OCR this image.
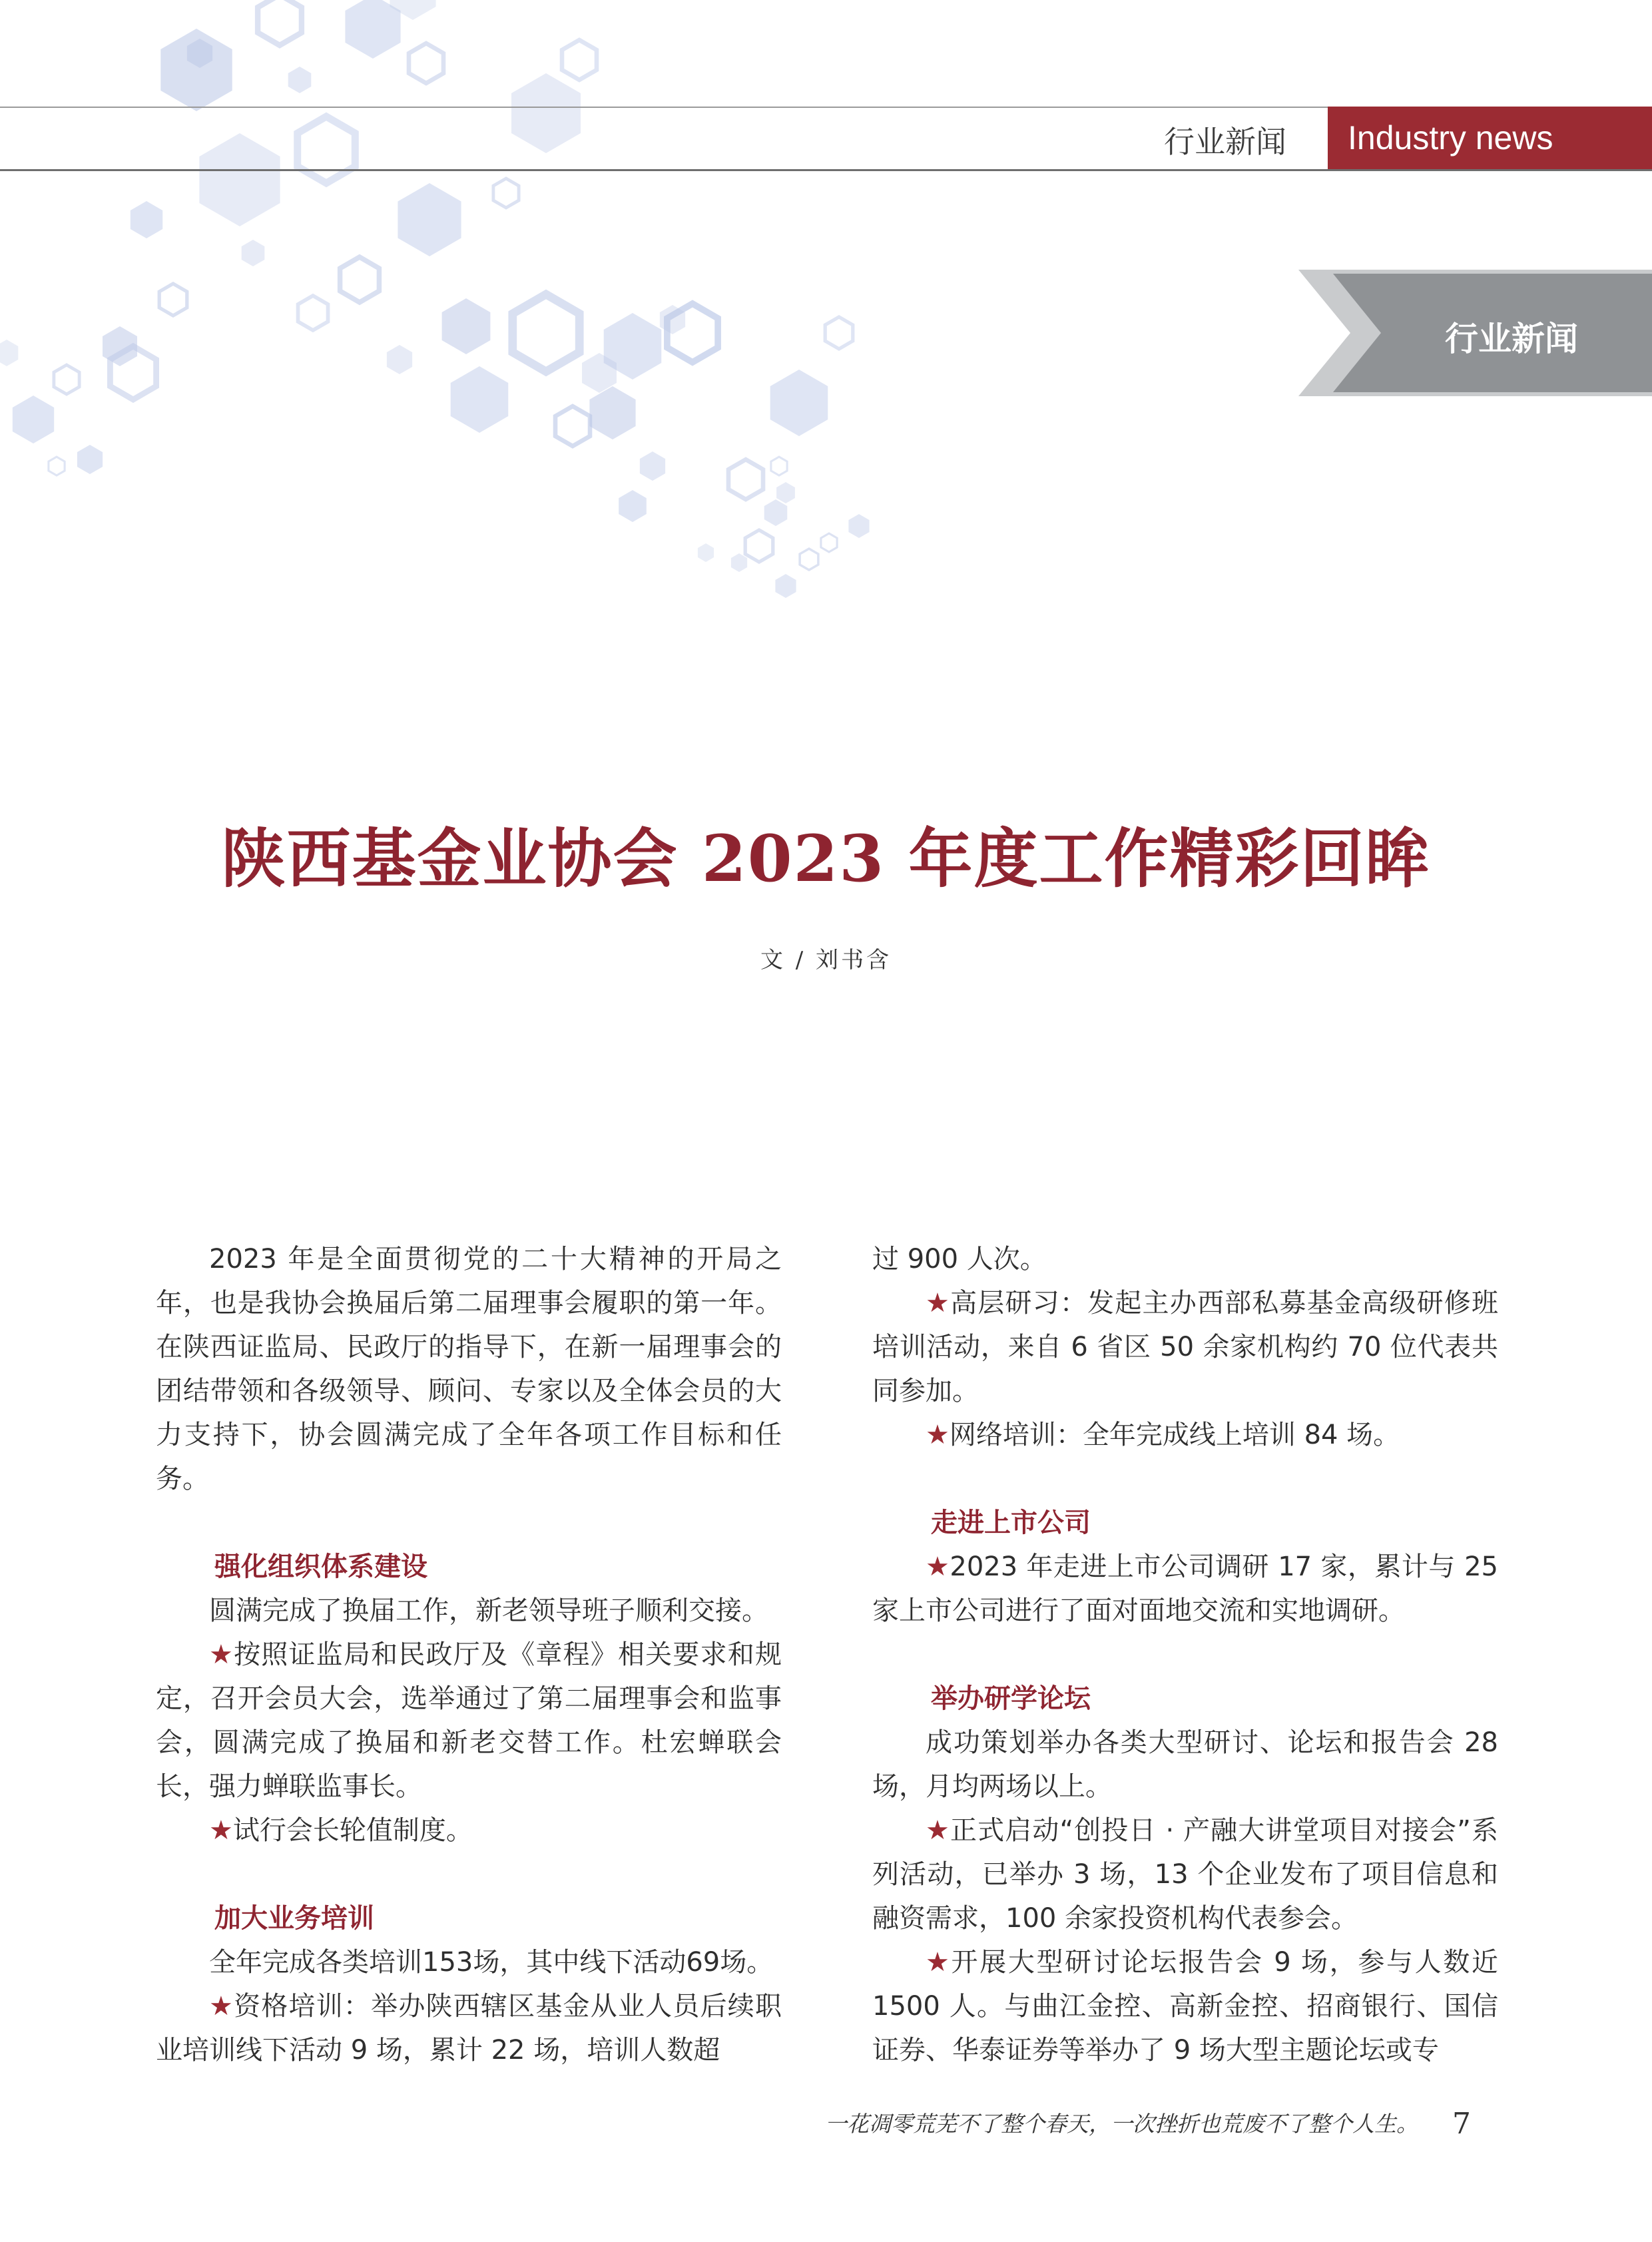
行业新闻	Industry news
行业新闻
陕西基金业协会 2023 年度工作精彩回眸
文 / 刘书含

2023 年是全面贯彻党的二十大精神的开局之年，也是我协会换届后第二届理事会履职的第一年。在陕西证监局、民政厅的指导下，在新一届理事会的团结带领和各级领导、顾问、专家以及全体会员的大力支持下，协会圆满完成了全年各项工作目标和任务。

强化组织体系建设

圆满完成了换届工作，新老领导班子顺利交接。

★按照证监局和民政厅及《章程》相关要求和规定，召开会员大会，选举通过了第二届理事会和监事会，圆满完成了换届和新老交替工作。杜宏蝉联会长，强力蝉联监事长。

★试行会长轮值制度。

加大业务培训

全年完成各类培训153场，其中线下活动69场。

★资格培训：举办陕西辖区基金从业人员后续职业培训线下活动 9 场，累计 22 场，培训人数超

过 900 人次。

★高层研习：发起主办西部私募基金高级研修班培训活动，来自 6 省区 50 余家机构约 70 位代表共同参加。

★网络培训：全年完成线上培训 84 场。

走进上市公司

★2023 年走进上市公司调研 17 家，累计与 25 家上市公司进行了面对面地交流和实地调研。

举办研学论坛

成功策划举办各类大型研讨、论坛和报告会 28 场，月均两场以上。

★正式启动“创投日 · 产融大讲堂项目对接会”系列活动，已举办 3 场，13 个企业发布了项目信息和融资需求，100 余家投资机构代表参会。

★开展大型研讨论坛报告会 9 场，参与人数近 1500 人。与曲江金控、高新金控、招商银行、国信证券、华泰证券等举办了 9 场大型主题论坛或专

一花凋零荒芜不了整个春天，一次挫折也荒废不了整个人生。	7
